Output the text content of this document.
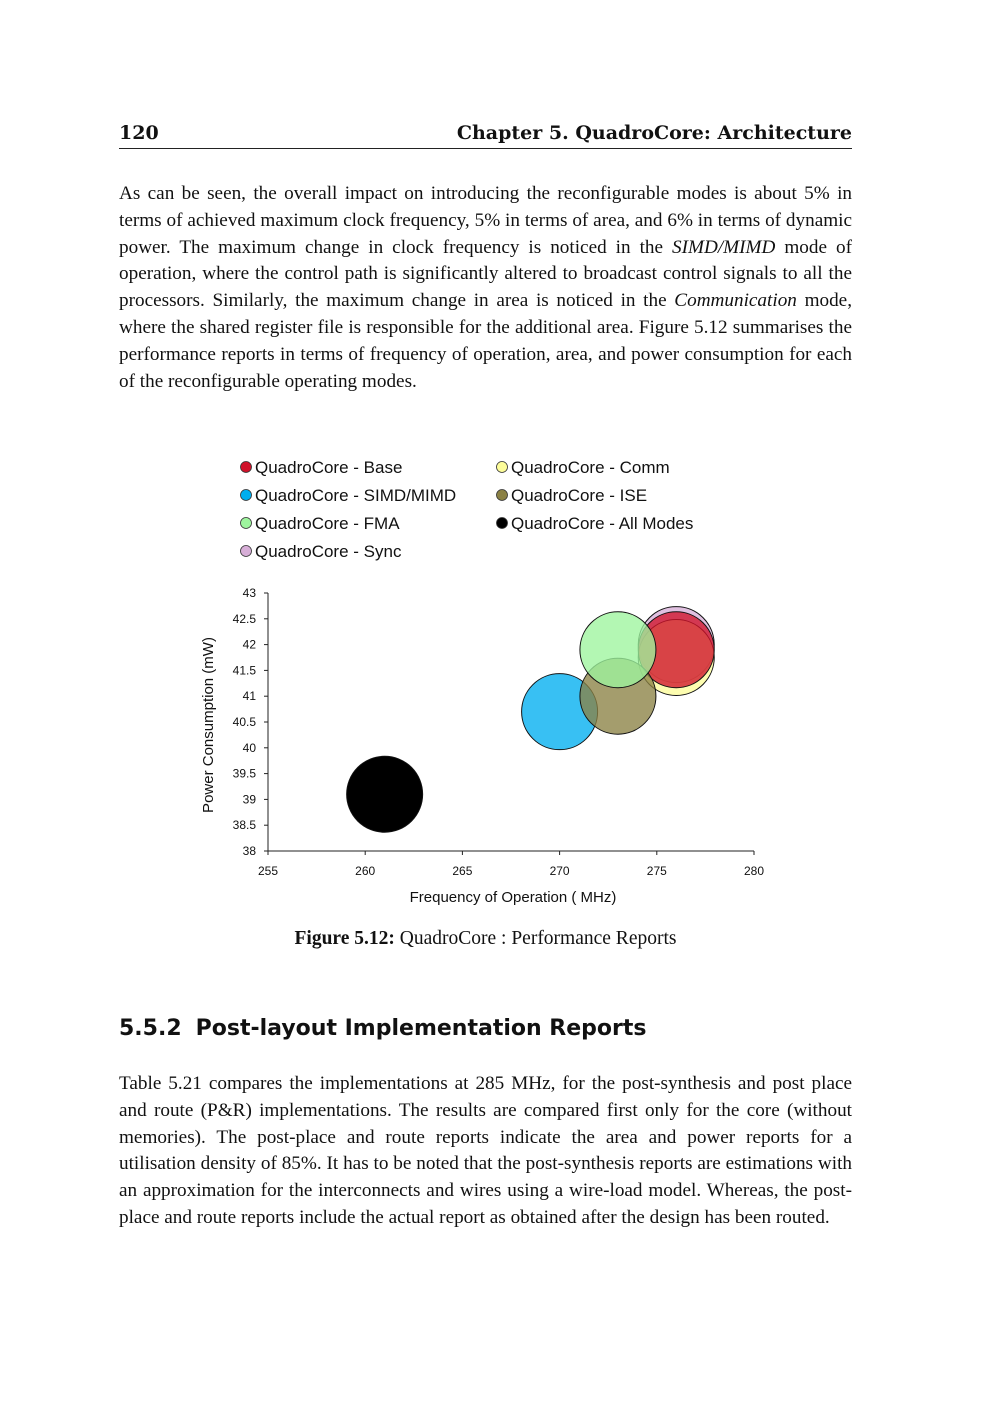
120	Chapter 5. QuadroCore: Architecture

As can be seen, the overall impact on introducing the reconfigurable modes is about 5% in terms of achieved maximum clock frequency, 5% in terms of area, and 6% in terms of dynamic power. The maximum change in clock frequency is noticed in the SIMD/MIMD mode of operation, where the control path is significantly altered to broadcast control signals to all the processors. Similarly, the maximum change in area is noticed in the Communication mode, where the shared register file is responsible for the additional area. Figure 5.12 summarises the performance reports in terms of frequency of operation, area, and power consumption for each of the reconfigurable operating modes.

QuadroCore - Base	QuadroCore - Comm
QuadroCore - SIMD/MIMD	QuadroCore - ISE
QuadroCore - FMA	QuadroCore - All Modes
QuadroCore - Sync
255	260	265	270	275	280
38
38.5
39
39.5
40
40.5
41
41.5
42
42.5
43
Frequency of Operation ( MHz)
Power Consumption (mW)
Figure 5.12: QuadroCore : Performance Reports
5.5.2 Post-layout Implementation Reports

Table 5.21 compares the implementations at 285 MHz, for the post-synthesis and post place and route (P&R) implementations. The results are compared first only for the core (without memories). The post-place and route reports indicate the area and power reports for a utilisation density of 85%. It has to be noted that the post-synthesis reports are estimations with an approximation for the interconnects and wires using a wire-load model. Whereas, the post-place and route reports include the actual report as obtained after the design has been routed.
